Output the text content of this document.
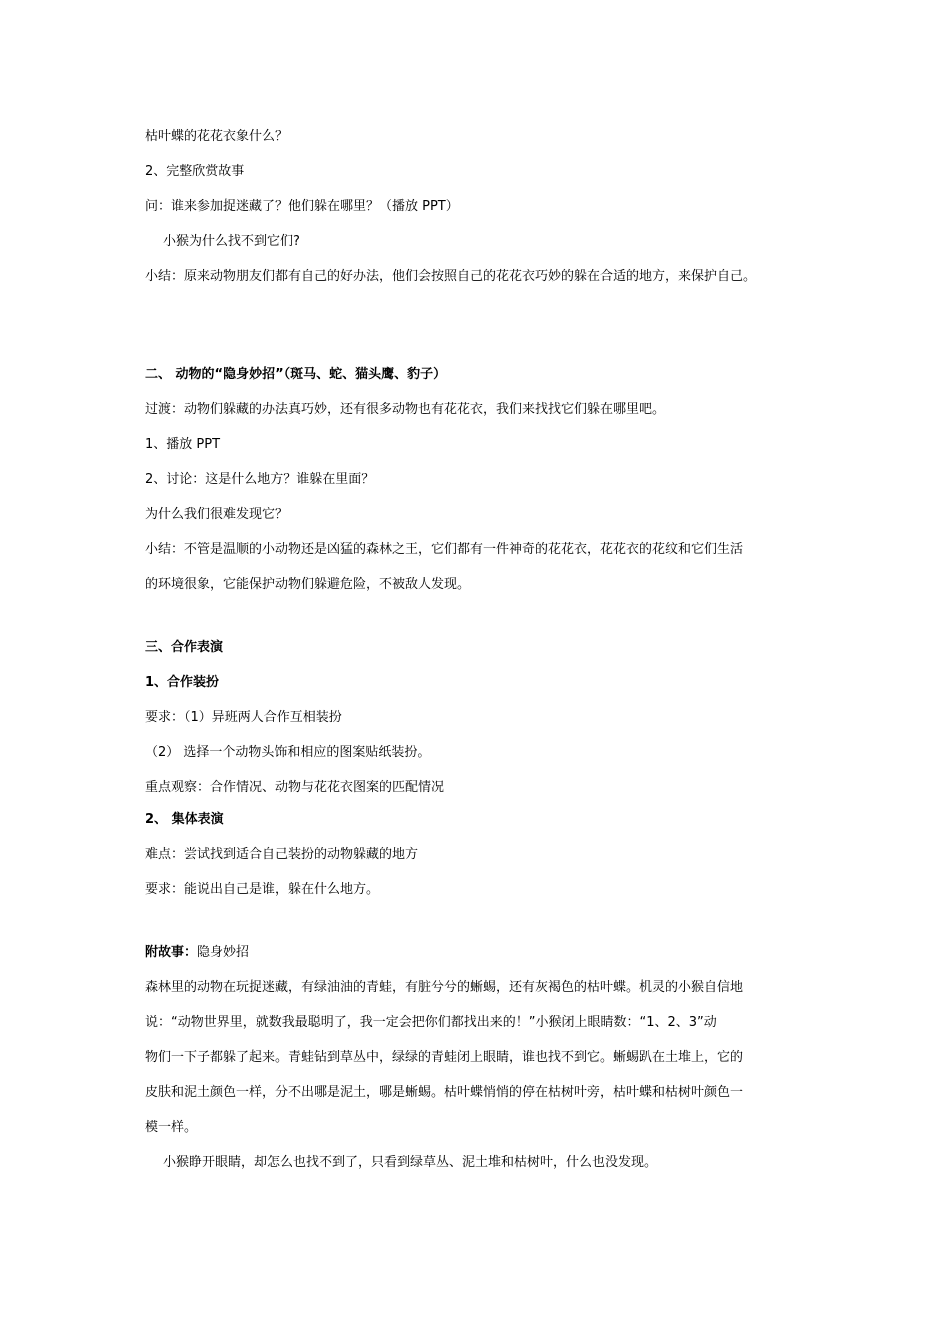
枯叶蝶的花花衣象什么？
2、完整欣赏故事
问：谁来参加捉迷藏了？他们躲在哪里？（播放 PPT）
小猴为什么找不到它们?
小结：原来动物朋友们都有自己的好办法，他们会按照自己的花花衣巧妙的躲在合适的地方，来保护自己。
二、 动物的“隐身妙招”（斑马、蛇、猫头鹰、豹子）
过渡：动物们躲藏的办法真巧妙，还有很多动物也有花花衣，我们来找找它们躲在哪里吧。
1、播放 PPT
2、讨论：这是什么地方？谁躲在里面？
为什么我们很难发现它？
小结：不管是温顺的小动物还是凶猛的森林之王，它们都有一件神奇的花花衣，花花衣的花纹和它们生活
的环境很象，它能保护动物们躲避危险，不被敌人发现。
三、合作表演
1、合作装扮
要求：（1）异班两人合作互相装扮
（2） 选择一个动物头饰和相应的图案贴纸装扮。
重点观察：合作情况、动物与花花衣图案的匹配情况
2、 集体表演
难点：尝试找到适合自己装扮的动物躲藏的地方
要求：能说出自己是谁，躲在什么地方。
附故事：隐身妙招
森林里的动物在玩捉迷藏，有绿油油的青蛙，有脏兮兮的蜥蜴，还有灰褐色的枯叶蝶。机灵的小猴自信地
说：“动物世界里，就数我最聪明了，我一定会把你们都找出来的！”小猴闭上眼睛数：“1、2、3”动
物们一下子都躲了起来。青蛙钻到草丛中，绿绿的青蛙闭上眼睛，谁也找不到它。蜥蜴趴在土堆上，它的
皮肤和泥土颜色一样，分不出哪是泥土，哪是蜥蜴。枯叶蝶悄悄的停在枯树叶旁，枯叶蝶和枯树叶颜色一
模一样。
小猴睁开眼睛，却怎么也找不到了，只看到绿草丛、泥土堆和枯树叶，什么也没发现。
